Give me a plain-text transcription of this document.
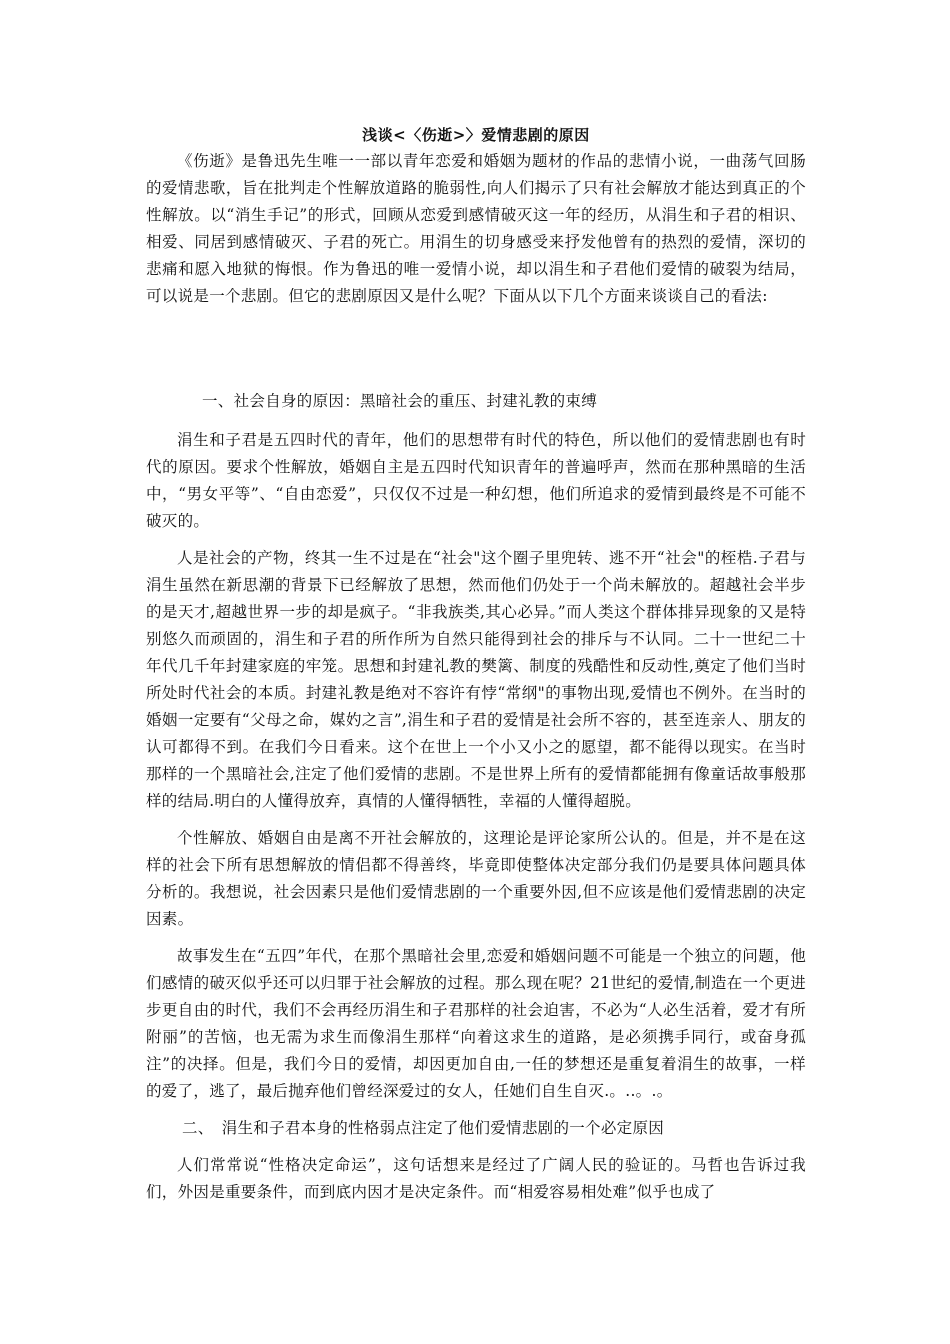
浅谈<〈伤逝>〉爱情悲剧的原因

《伤逝》是鲁迅先生唯一一部以青年恋爱和婚姻为题材的作品的悲情小说，一曲荡气回肠的爱情悲歌，旨在批判走个性解放道路的脆弱性,向人们揭示了只有社会解放才能达到真正的个性解放。以“消生手记”的形式，回顾从恋爱到感情破灭这一年的经历，从涓生和子君的相识、相爱、同居到感情破灭、子君的死亡。用涓生的切身感受来抒发他曾有的热烈的爱情，深切的悲痛和愿入地狱的悔恨。作为鲁迅的唯一爱情小说，却以涓生和子君他们爱情的破裂为结局，可以说是一个悲剧。但它的悲剧原因又是什么呢？下面从以下几个方面来谈谈自己的看法:

一、社会自身的原因：黑暗社会的重压、封建礼教的束缚

涓生和子君是五四时代的青年，他们的思想带有时代的特色，所以他们的爱情悲剧也有时代的原因。要求个性解放，婚姻自主是五四时代知识青年的普遍呼声，然而在那种黑暗的生活中，“男女平等”、“自由恋爱”，只仅仅不过是一种幻想，他们所追求的爱情到最终是不可能不破灭的。

人是社会的产物，终其一生不过是在“社会"这个圈子里兜转、逃不开“社会"的桎梏.子君与涓生虽然在新思潮的背景下已经解放了思想，然而他们仍处于一个尚未解放的。超越社会半步的是天才,超越世界一步的却是疯子。“非我族类,其心必异。”而人类这个群体排异现象的又是特别悠久而顽固的，涓生和子君的所作所为自然只能得到社会的排斥与不认同。二十一世纪二十年代几千年封建家庭的牢笼。思想和封建礼教的樊篱、制度的残酷性和反动性,奠定了他们当时所处时代社会的本质。封建礼教是绝对不容许有悖“常纲"的事物出现,爱情也不例外。在当时的婚姻一定要有“父母之命，媒妁之言”,涓生和子君的爱情是社会所不容的，甚至连亲人、朋友的认可都得不到。在我们今日看来。这个在世上一个小又小之的愿望，都不能得以现实。在当时那样的一个黑暗社会,注定了他们爱情的悲剧。不是世界上所有的爱情都能拥有像童话故事般那样的结局.明白的人懂得放弃，真情的人懂得牺牲，幸福的人懂得超脱。

个性解放、婚姻自由是离不开社会解放的，这理论是评论家所公认的。但是，并不是在这样的社会下所有思想解放的情侣都不得善终，毕竟即使整体决定部分我们仍是要具体问题具体分析的。我想说，社会因素只是他们爱情悲剧的一个重要外因,但不应该是他们爱情悲剧的决定因素。

故事发生在“五四”年代，在那个黑暗社会里,恋爱和婚姻问题不可能是一个独立的问题，他们感情的破灭似乎还可以归罪于社会解放的过程。那么现在呢？21世纪的爱情,制造在一个更进步更自由的时代，我们不会再经历涓生和子君那样的社会迫害，不必为“人必生活着，爱才有所附丽”的苦恼，也无需为求生而像涓生那样“向着这求生的道路，是必须携手同行，或奋身孤注”的决择。但是，我们今日的爱情，却因更加自由,一任的梦想还是重复着涓生的故事，一样的爱了，逃了，最后抛弃他们曾经深爱过的女人，任她们自生自灭.。..。.。

二、　涓生和子君本身的性格弱点注定了他们爱情悲剧的一个必定原因

人们常常说“性格决定命运”，这句话想来是经过了广阔人民的验证的。马哲也告诉过我们，外因是重要条件，而到底内因才是决定条件。而“相爱容易相处难”似乎也成了
